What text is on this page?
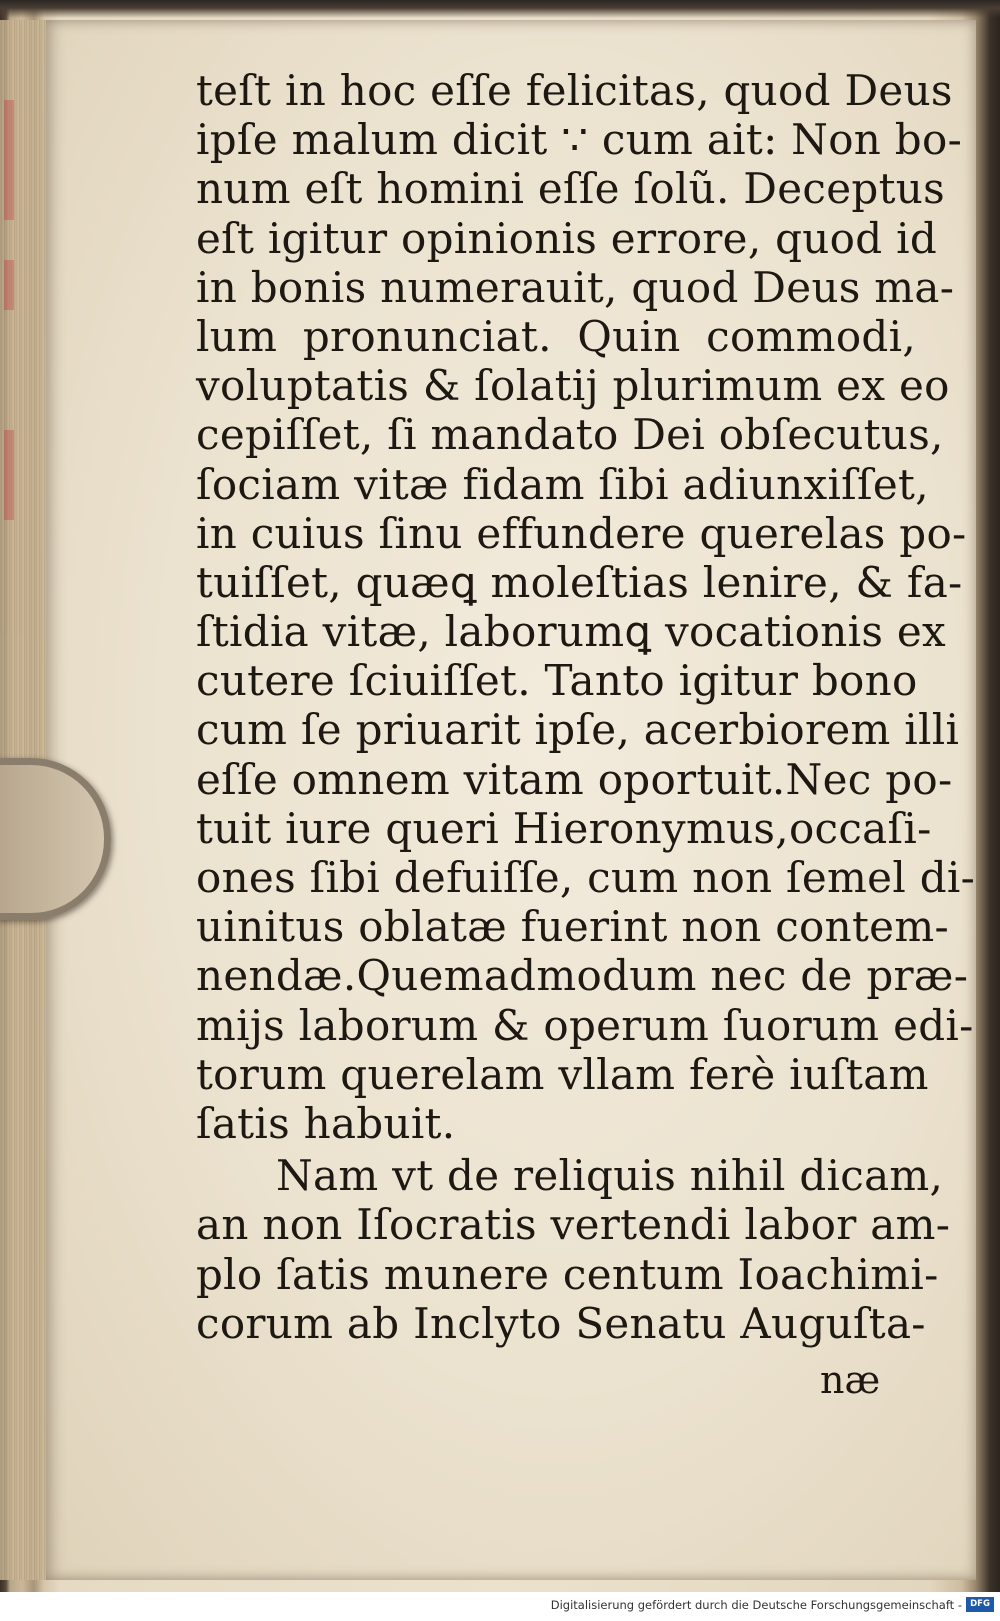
teſt in hoc eſſe felicitas, quod Deus
ipſe malum dicit ∵ cum ait: Non bo-
num eſt homini eſſe ſolũ. Deceptus
eſt igitur opinionis errore, quod id
in bonis numerauit, quod Deus ma-
lum pronunciat. Quin commodi,
voluptatis & ſolatij plurimum ex eo
cepiſſet, ſi mandato Dei obſecutus,
ſociam vitæ fidam ſibi adiunxiſſet,
in cuius ſinu effundere querelas po-
tuiſſet, quæꝗ moleſtias lenire, & fa-
ſtidia vitæ, laborumꝗ vocationis ex
cutere ſciuiſſet. Tanto igitur bono
cum ſe priuarit ipſe, acerbiorem illi
eſſe omnem vitam oportuit.Nec po-
tuit iure queri Hieronymus,occaſi-
ones ſibi defuiſſe, cum non ſemel di-
uinitus oblatæ fuerint non contem-
nendæ.Quemadmodum nec de præ-
mijs laborum & operum ſuorum edi-
torum querelam vllam ferè iuſtam
ſatis habuit.
Nam vt de reliquis nihil dicam,
an non Iſocratis vertendi labor am-
plo ſatis munere centum Ioachimi-
corum ab Inclyto Senatu Auguſta-
næ
Digitalisierung gefördert durch die Deutsche Forschungsgemeinschaft - DFG
